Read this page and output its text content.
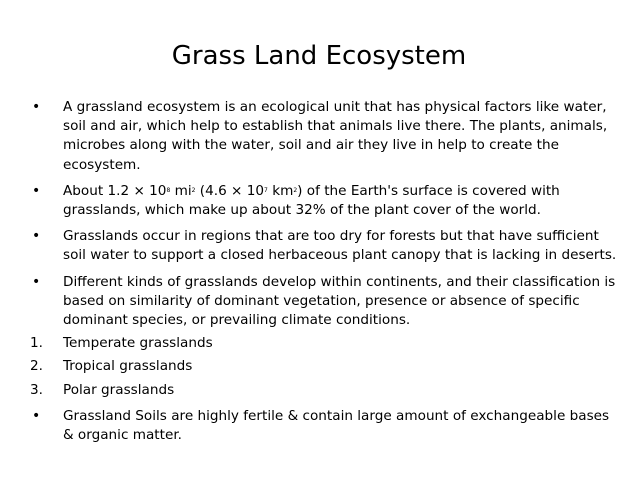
Grass Land Ecosystem
•	A grassland ecosystem is an ecological unit that has physical factors like water, soil and air, which help to establish that animals live there. The plants, animals, microbes along with the water, soil and air they live in help to create the ecosystem.
•	About $1.2 \times 10^8$ $mi^2$ ($4.6 \times 10^7$ $km^2$) of the Earth's surface is covered with grasslands, which make up about 32% of the plant cover of the world.
•	Grasslands occur in regions that are too dry for forests but that have sufficient soil water to support a closed herbaceous plant canopy that is lacking in deserts.
•	Different kinds of grasslands develop within continents, and their classification is based on similarity of dominant vegetation, presence or absence of specific dominant species, or prevailing climate conditions.
1.	Temperate grasslands
2.	Tropical grasslands
3.	Polar grasslands
•	Grassland Soils are highly fertile & contain large amount of exchangeable bases & organic matter.
